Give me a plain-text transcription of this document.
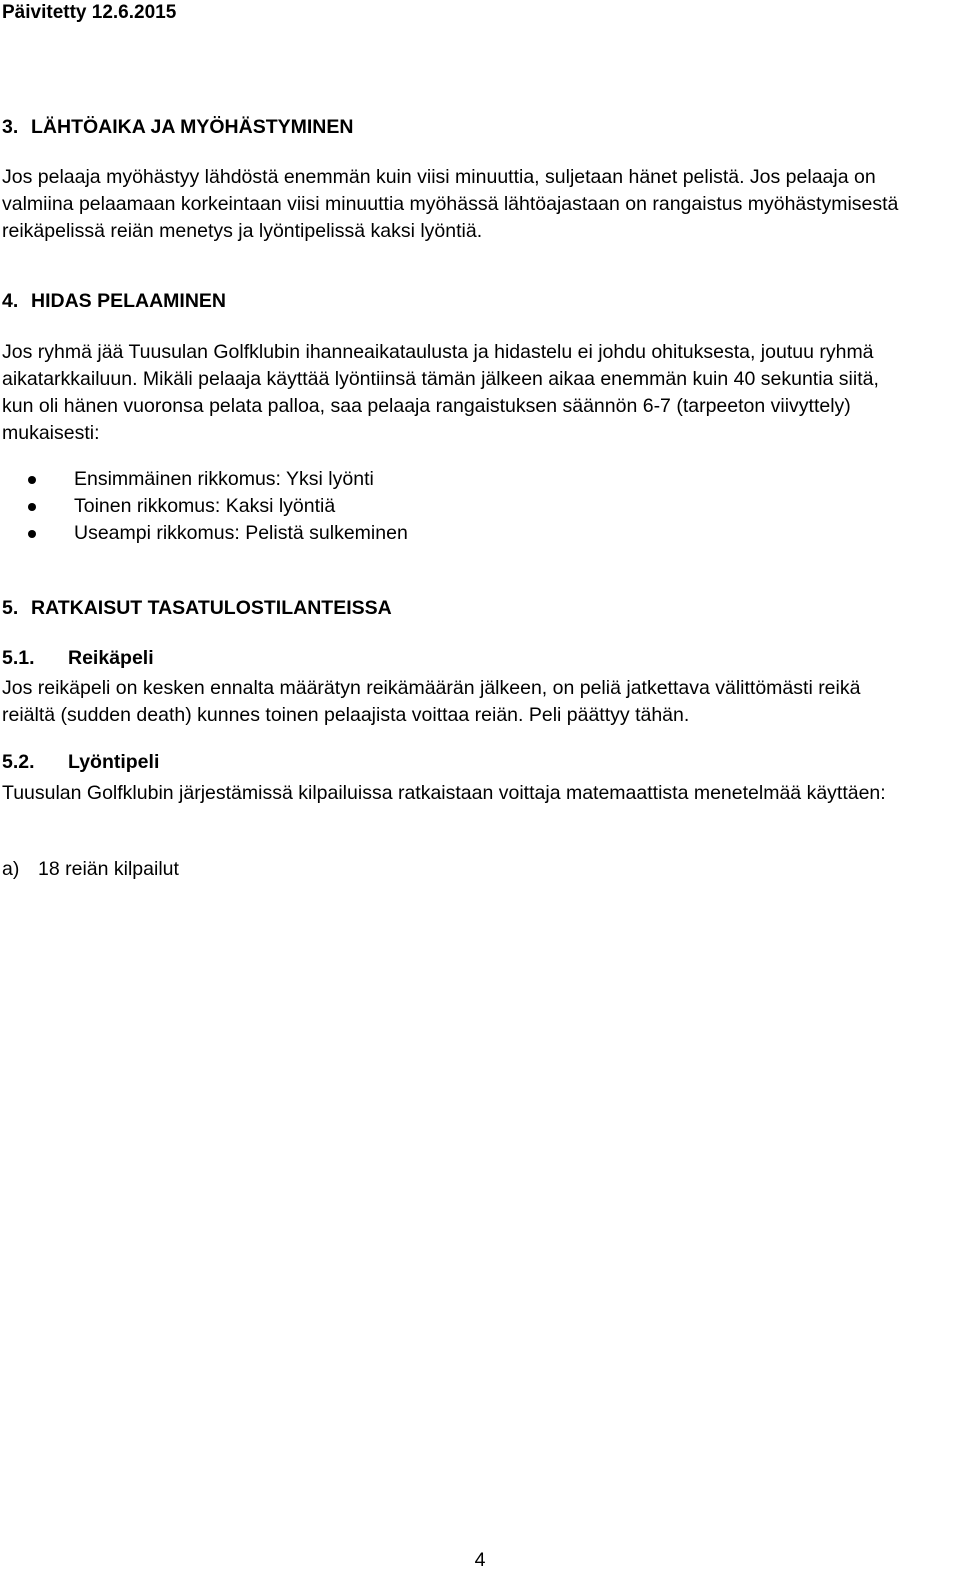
Päivitetty 12.6.2015
3. LÄHTÖAIKA JA MYÖHÄSTYMINEN
Jos pelaaja myöhästyy lähdöstä enemmän kuin viisi minuuttia, suljetaan hänet pelistä. Jos pelaaja on valmiina pelaamaan korkeintaan viisi minuuttia myöhässä lähtöajastaan on rangaistus myöhästymisestä reikäpelissä reiän menetys ja lyöntipelissä kaksi lyöntiä.
4. HIDAS PELAAMINEN
Jos ryhmä jää Tuusulan Golfklubin ihanneaikataulusta ja hidastelu ei johdu ohituksesta, joutuu ryhmä aikatarkkailuun. Mikäli pelaaja käyttää lyöntiinsä tämän jälkeen aikaa enemmän kuin 40 sekuntia siitä, kun oli hänen vuoronsa pelata palloa, saa pelaaja rangaistuksen säännön 6-7 (tarpeeton viivyttely) mukaisesti:
Ensimmäinen rikkomus: Yksi lyönti
Toinen rikkomus: Kaksi lyöntiä
Useampi rikkomus: Pelistä sulkeminen
5. RATKAISUT TASATULOSTILANTEISSA
5.1. Reikäpeli
Jos reikäpeli on kesken ennalta määrätyn reikämäärän jälkeen, on peliä jatkettava välittömästi reikä reiältä (sudden death) kunnes toinen pelaajista voittaa reiän. Peli päättyy tähän.
5.2. Lyöntipeli
Tuusulan Golfklubin järjestämissä kilpailuissa ratkaistaan voittaja matemaattista menetelmää käyttäen:
a) 18 reiän kilpailut
4
